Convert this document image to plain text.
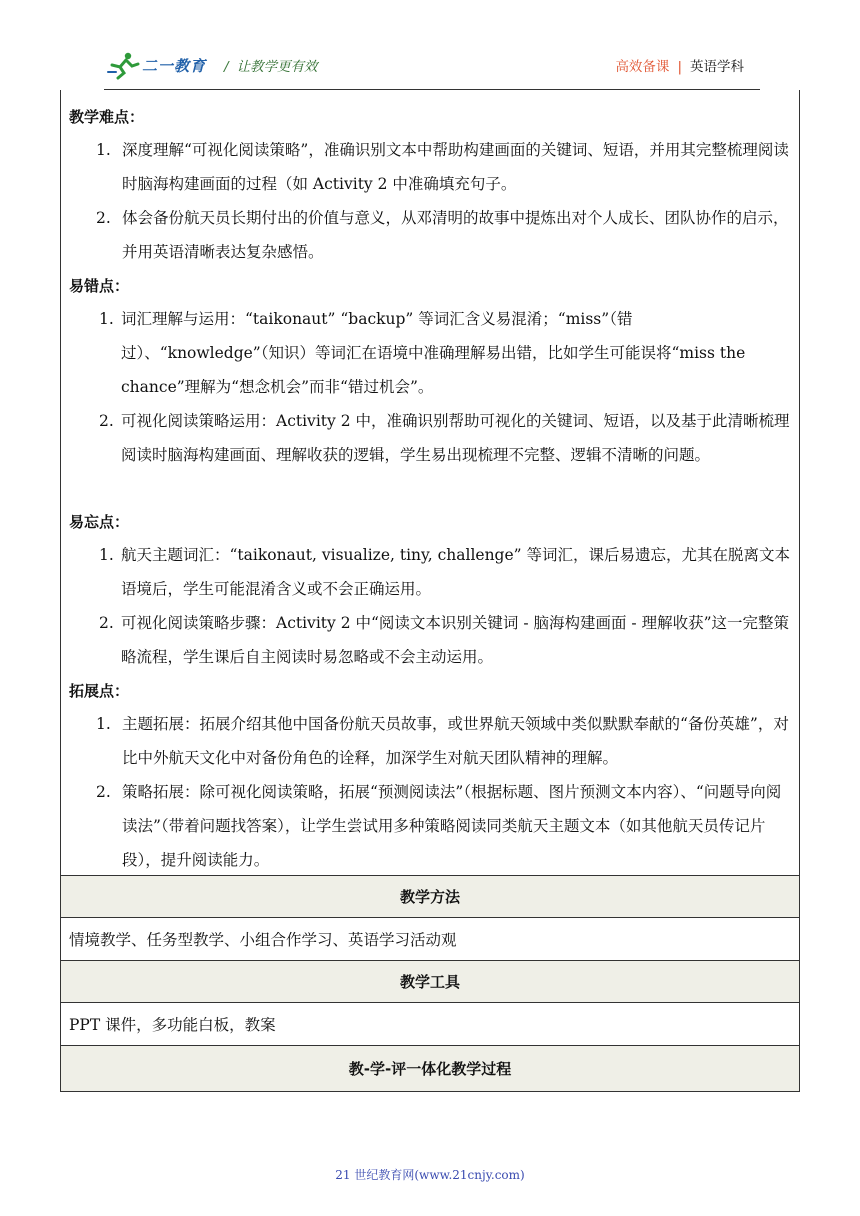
二一教育 / 让教学更有效	高效备课 | 英语学科
教学难点：
1. 深度理解“可视化阅读策略”，准确识别文本中帮助构建画面的关键词、短语，并用其完整梳理阅读时脑海构建画面的过程（如 Activity 2 中准确填充句子。
2. 体会备份航天员长期付出的价值与意义，从邓清明的故事中提炼出对个人成长、团队协作的启示，并用英语清晰表达复杂感悟。
易错点：
1. 词汇理解与运用：“taikonaut” “backup” 等词汇含义易混淆；“miss”（错过）、“knowledge”（知识）等词汇在语境中准确理解易出错，比如学生可能误将“miss the chance”理解为“想念机会”而非“错过机会”。
2. 可视化阅读策略运用：Activity 2 中，准确识别帮助可视化的关键词、短语，以及基于此清晰梳理阅读时脑海构建画面、理解收获的逻辑，学生易出现梳理不完整、逻辑不清晰的问题。
易忘点：
1. 航天主题词汇：“taikonaut, visualize, tiny, challenge” 等词汇，课后易遗忘，尤其在脱离文本语境后，学生可能混淆含义或不会正确运用。
2. 可视化阅读策略步骤：Activity 2 中“阅读文本识别关键词 - 脑海构建画面 - 理解收获”这一完整策略流程，学生课后自主阅读时易忽略或不会主动运用。
拓展点：
1. 主题拓展：拓展介绍其他中国备份航天员故事，或世界航天领域中类似默默奉献的“备份英雄”，对比中外航天文化中对备份角色的诠释，加深学生对航天团队精神的理解。
2. 策略拓展：除可视化阅读策略，拓展“预测阅读法”（根据标题、图片预测文本内容）、“问题导向阅读法”（带着问题找答案），让学生尝试用多种策略阅读同类航天主题文本（如其他航天员传记片段），提升阅读能力。
教学方法
情境教学、任务型教学、小组合作学习、英语学习活动观
教学工具
PPT 课件，多功能白板，教案
教-学-评一体化教学过程
21 世纪教育网(www.21cnjy.com)
